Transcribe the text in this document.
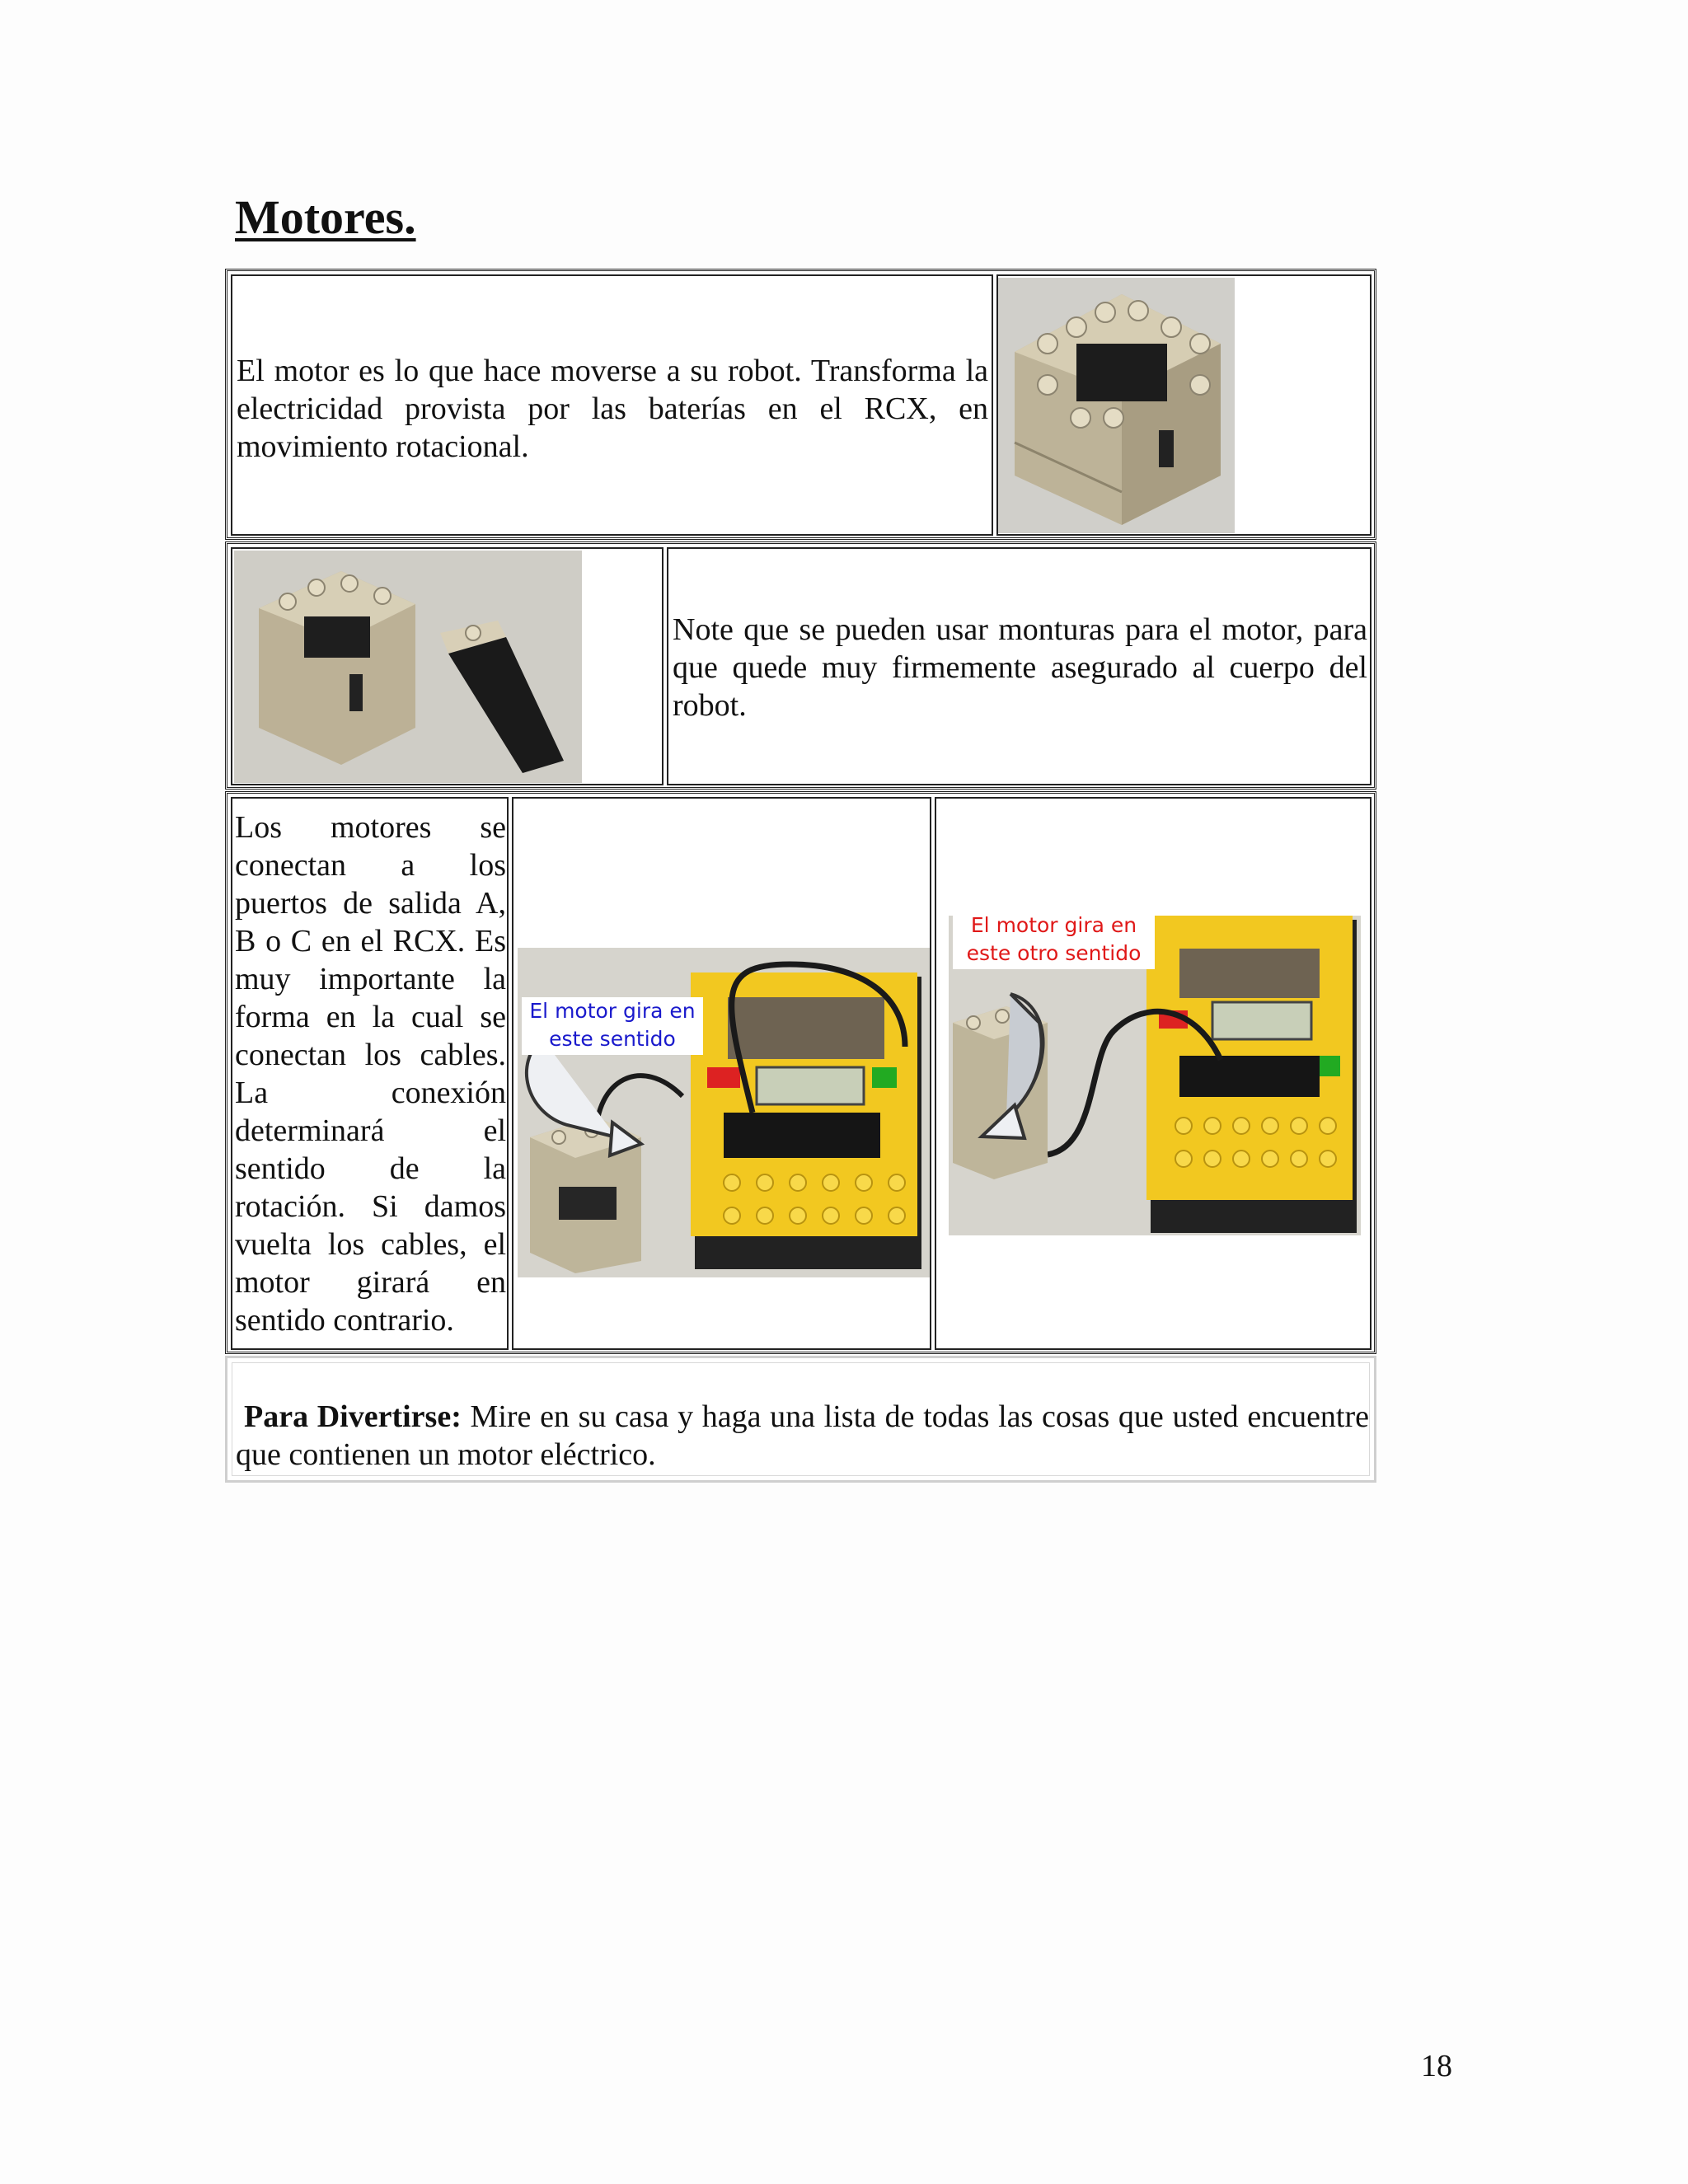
Motores.
El motor es lo que hace moverse a su robot. Transforma la electricidad provista por las baterías en el RCX, en movimiento rotacional.
Note que se pueden usar monturas para el motor, para que quede muy firmemente asegurado al cuerpo del robot.
Los motores se conectan a los puertos de salida A, B o C en el RCX. Es muy importante la forma en la cual se conectan los cables. La conexión determinará el sentido de la rotación. Si damos vuelta los cables, el motor girará en sentido contrario.
El motor gira en
este sentido
El motor gira en
este otro sentido
Para Divertirse: Mire en su casa y haga una lista de todas las cosas que usted encuentre que contienen un motor eléctrico.
18
